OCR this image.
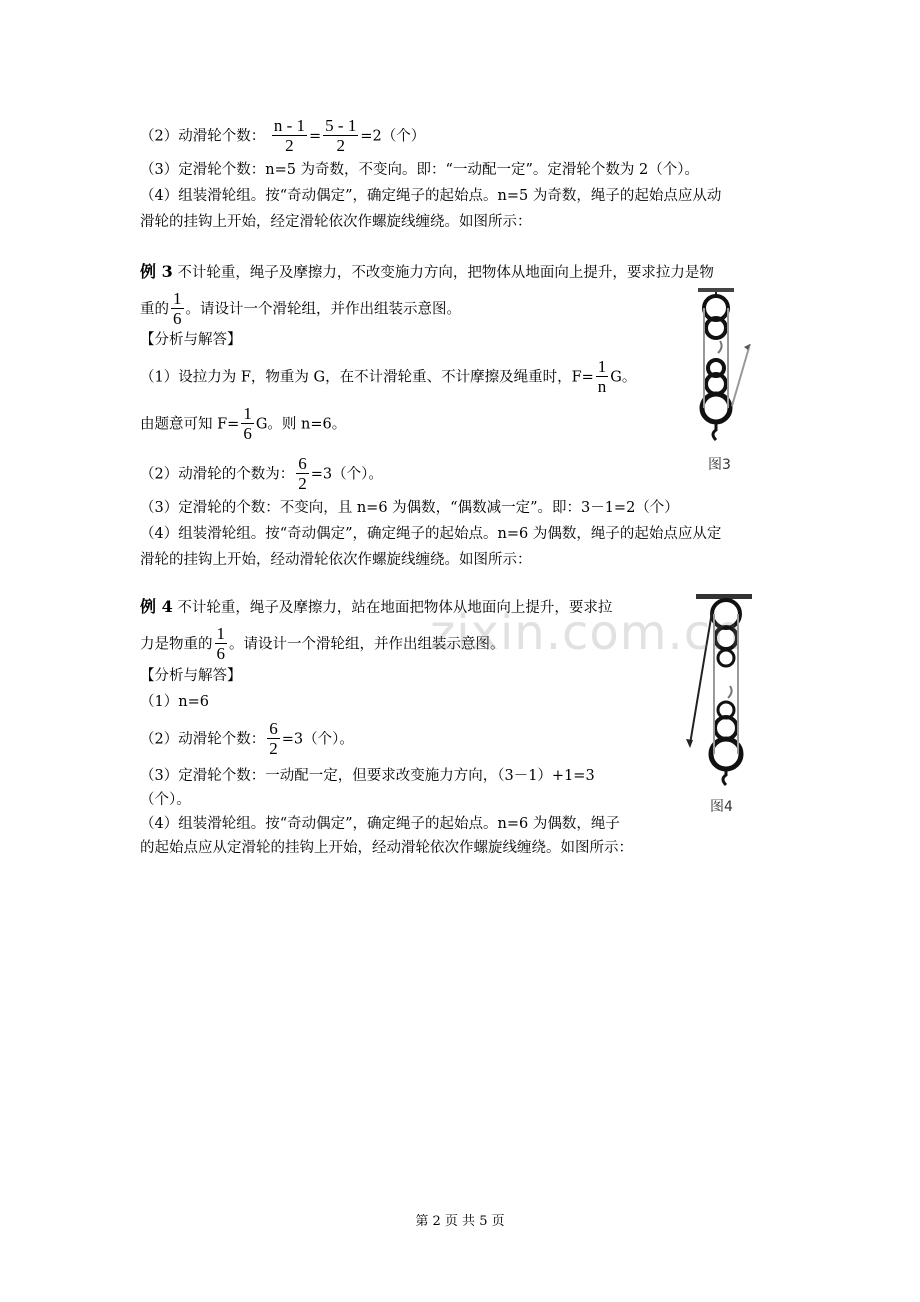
（2）动滑轮个数： $\frac{n - 1}{2} = \frac{5 - 1}{2} =2$（个）
（3）定滑轮个数：n=5 为奇数，不变向。即：“一动配一定”。定滑轮个数为 2（个）。
（4）组装滑轮组。按“奇动偶定”，确定绳子的起始点。n=5 为奇数，绳子的起始点应从动
滑轮的挂钩上开始，经定滑轮依次作螺旋线缠绕。如图所示：
例 3 不计轮重，绳子及摩擦力，不改变施力方向，把物体从地面向上提升，要求拉力是物
重的 $\frac{1}{6}$ 。请设计一个滑轮组，并作出组装示意图。
【分析与解答】
（1）设拉力为 F，物重为 G，在不计滑轮重、不计摩擦及绳重时，$F= \frac{1}{n}$ G。
由题意可知 $F= \frac{1}{6}$ G。则 n=6。
（2）动滑轮的个数为： $\frac{6}{2} =3$（个）。
（3）定滑轮的个数：不变向，且 n=6 为偶数，“偶数减一定”。即：3－1=2（个）
（4）组装滑轮组。按“奇动偶定”，确定绳子的起始点。n=6 为偶数，绳子的起始点应从定
滑轮的挂钩上开始，经动滑轮依次作螺旋线缠绕。如图所示：
图3
例 4 不计轮重，绳子及摩擦力，站在地面把物体从地面向上提升，要求拉
力是物重的 $\frac{1}{6}$ 。请设计一个滑轮组，并作出组装示意图。
【分析与解答】
（1）n=6
（2）动滑轮个数： $\frac{6}{2} =3$（个）。
（3）定滑轮个数：一动配一定，但要求改变施力方向，（3－1）+1=3
（个）。
（4）组装滑轮组。按“奇动偶定”，确定绳子的起始点。n=6 为偶数，绳子
的起始点应从定滑轮的挂钩上开始，经动滑轮依次作螺旋线缠绕。如图所示：
图4
zixin.com.cn
第 2 页 共 5 页
